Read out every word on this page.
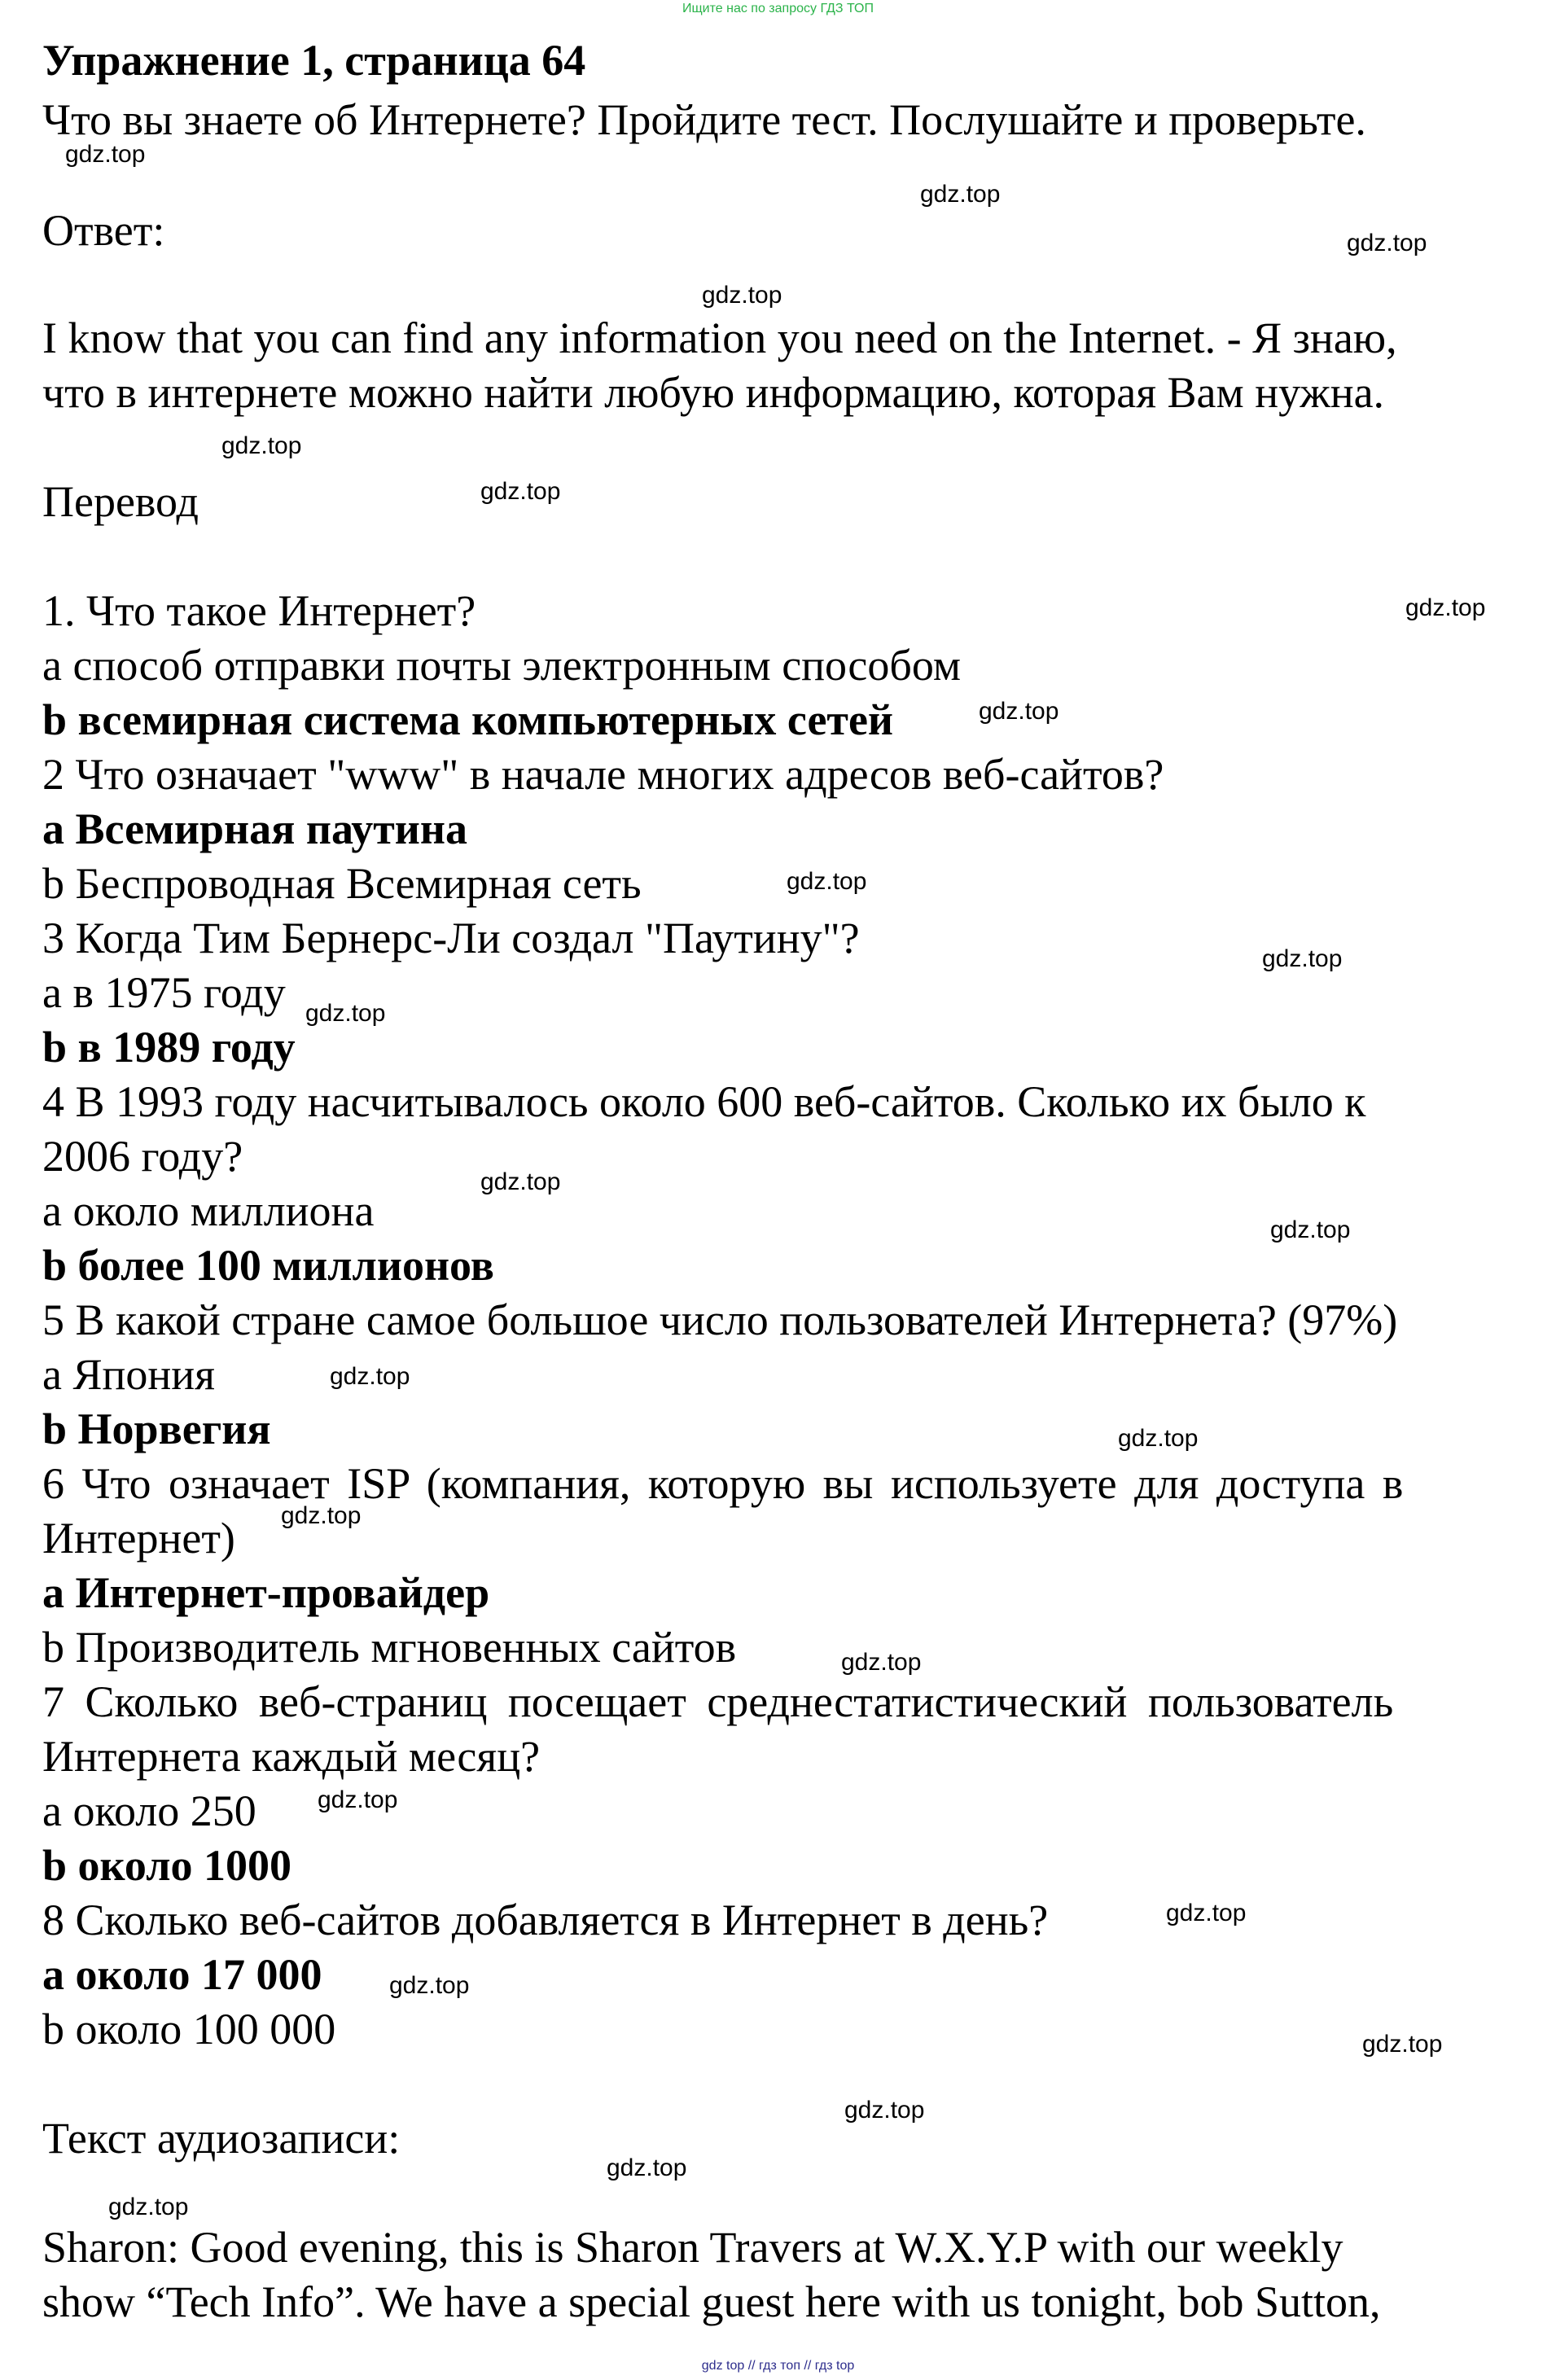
Ищите нас по запросу ГДЗ ТОП
Упражнение 1, страница 64
Что вы знаете об Интернете? Пройдите тест. Послушайте и проверьте.
Ответ:
I know that you can find any information you need on the Internet. - Я знаю,
что в интернете можно найти любую информацию, которая Вам нужна.
Перевод
1. Что такое Интернет?
a способ отправки почты электронным способом
b всемирная система компьютерных сетей
2 Что означает "www" в начале многих адресов веб-сайтов?
a Всемирная паутина
b Беспроводная Всемирная сеть
3 Когда Тим Бернерс-Ли создал "Паутину"?
a в 1975 году
b в 1989 году
4 В 1993 году насчитывалось около 600 веб-сайтов. Сколько их было к
2006 году?
a около миллиона
b более 100 миллионов
5 В какой стране самое большое число пользователей Интернета? (97%)
a Япония
b Норвегия
6 Что означает ISP (компания, которую вы используете для доступа в
Интернет)
a Интернет-провайдер
b Производитель мгновенных сайтов
7 Сколько веб-страниц посещает среднестатистический пользователь
Интернета каждый месяц?
a около 250
b около 1000
8 Сколько веб-сайтов добавляется в Интернет в день?
a около 17 000
b около 100 000
Текст аудиозаписи:
Sharon: Good evening, this is Sharon Travers at W.X.Y.P with our weekly
show “Tech Info”. We have a special guest here with us tonight, bob Sutton,
gdz.top
gdz.top
gdz.top
gdz.top
gdz.top
gdz.top
gdz.top
gdz.top
gdz.top
gdz.top
gdz.top
gdz.top
gdz.top
gdz.top
gdz.top
gdz.top
gdz.top
gdz.top
gdz.top
gdz.top
gdz.top
gdz.top
gdz.top
gdz.top
gdz top // гдз топ // гдз top
